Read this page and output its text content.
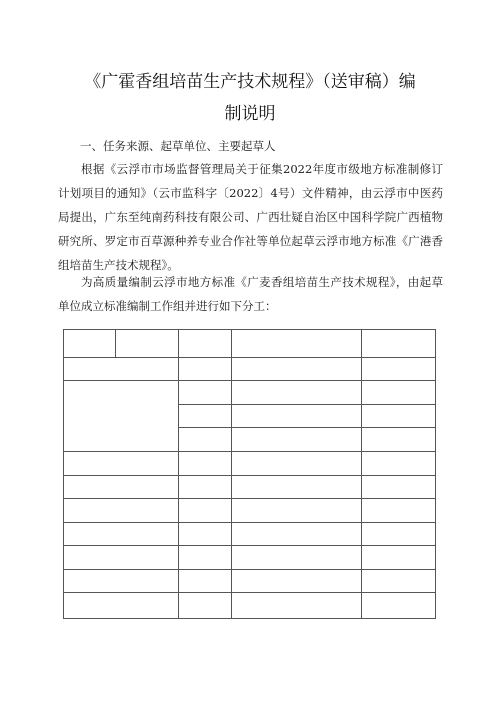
《广霍香组培苗生产技术规程》（送审稿）编
制说明
一、任务来源、起草单位、主要起草人
根据《云浮市市场监督管理局关于征集2022年度市级地方标准制修订计划项目的通知》（云市监科字〔2022〕4号）文件精神，由云浮市中医药局提出，广东至纯南药科技有限公司、广西壮疑自治区中国科学院广西植物研究所、罗定市百草源种养专业合作社等单位起草云浮市地方标准《广港香组培苗生产技术规程》。
为高质量编制云浮市地方标准《广麦香组培苗生产技术规程》，由起草单位成立标准编制工作组并进行如下分工：
